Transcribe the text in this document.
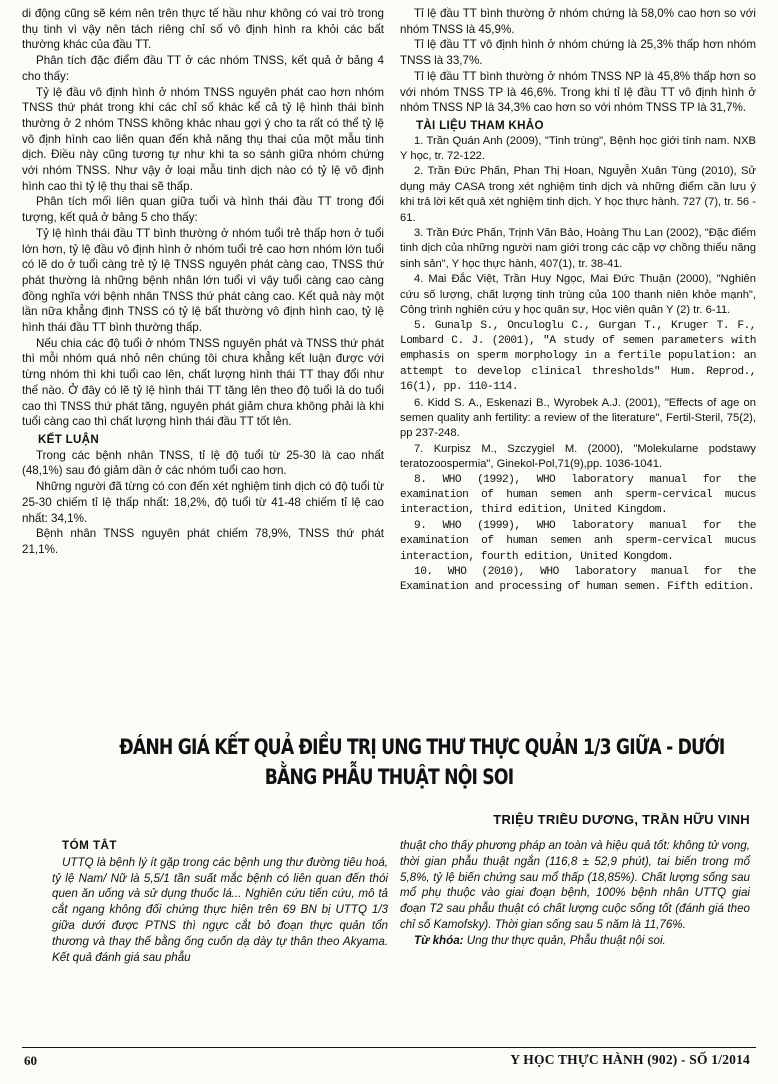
di động cũng sẽ kém nên trên thực tế hầu như không có vai trò trong thụ tinh vì vậy nên tách riêng chỉ số vô định hình ra khỏi các bất thường khác của đầu TT.

Phân tích đặc điểm đầu TT ở các nhóm TNSS, kết quả ở bảng 4 cho thấy:

Tỷ lệ đầu vô định hình ở nhóm TNSS nguyên phát cao hơn nhóm TNSS thứ phát trong khi các chỉ số khác kể cả tỷ lệ hình thái bình thường ở 2 nhóm TNSS không khác nhau gợi ý cho ta rất có thể tỷ lệ vô định hình cao liên quan đến khả năng thụ thai của một mẫu tinh dịch. Điều này cũng tương tự như khi ta so sánh giữa nhóm chứng với nhóm TNSS. Như vậy ở loại mẫu tinh dịch nào có tỷ lệ vô định hình cao thì tỷ lệ thụ thai sẽ thấp.

Phân tích mối liên quan giữa tuổi và hình thái đầu TT trong đối tượng, kết quả ở bảng 5 cho thấy:

Tỷ lệ hình thái đầu TT bình thường ở nhóm tuổi trẻ thấp hơn ở tuổi lớn hơn, tỷ lệ đầu vô định hình ở nhóm tuổi trẻ cao hơn nhóm lớn tuổi có lẽ do ở tuổi càng trẻ tỷ lệ TNSS nguyên phát càng cao, TNSS thứ phát thường là những bệnh nhân lớn tuổi vì vậy tuổi càng cao càng đồng nghĩa với bệnh nhân TNSS thứ phát càng cao. Kết quả này một lần nữa khẳng định TNSS có tỷ lệ bất thường vô định hình cao, tỷ lệ hình thái đầu TT bình thường thấp.

Nếu chia các độ tuổi ở nhóm TNSS nguyên phát và TNSS thứ phát thì mỗi nhóm quá nhỏ nên chúng tôi chưa khẳng kết luận được với từng nhóm thì khi tuổi cao lên, chất lượng hình thái TT thay đổi như thế nào. Ở đây có lẽ tỷ lệ hình thái TT tăng lên theo độ tuổi là do tuổi cao thì TNSS thứ phát tăng, nguyên phát giảm chưa không phải là khi tuổi càng cao thì chất lượng hình thái đầu TT tốt lên.

KẾT LUẬN

Trong các bệnh nhân TNSS, tỉ lệ độ tuổi từ 25-30 là cao nhất (48,1%) sau đó giảm dần ở các nhóm tuổi cao hơn.

Những người đã từng có con đến xét nghiệm tinh dịch có độ tuổi từ 25-30 chiếm tỉ lệ thấp nhất: 18,2%, độ tuổi từ 41-48 chiếm tỉ lệ cao nhất: 34,1%.

Bệnh nhân TNSS nguyên phát chiếm 78,9%, TNSS thứ phát 21,1%.

Tỉ lệ đầu TT bình thường ở nhóm chứng là 58,0% cao hơn so với nhóm TNSS là 45,9%.

Tỉ lệ đầu TT vô định hình ở nhóm chứng là 25,3% thấp hơn nhóm TNSS là 33,7%.

Tỉ lệ đầu TT bình thường ở nhóm TNSS NP là 45,8% thấp hơn so với nhóm TNSS TP là 46,6%. Trong khi tỉ lệ đầu TT vô định hình ở nhóm TNSS NP là 34,3% cao hơn so với nhóm TNSS TP là 31,7%.

TÀI LIỆU THAM KHẢO

1. Trần Quán Anh (2009), "Tinh trùng", Bệnh học giới tính nam. NXB Y học, tr. 72-122.

2. Trần Đức Phấn, Phan Thị Hoan, Nguyễn Xuân Tùng (2010), Sử dụng máy CASA trong xét nghiệm tinh dịch và những điểm cần lưu ý khi trả lời kết quả xét nghiệm tinh dịch. Y học thực hành. 727 (7), tr. 56 - 61.

3. Trần Đức Phấn, Trịnh Văn Bảo, Hoàng Thu Lan (2002), "Đặc điểm tinh dịch của những người nam giới trong các cặp vợ chồng thiểu năng sinh sản", Y học thực hành, 407(1), tr. 38-41.

4. Mai Đắc Việt, Trần Huy Ngọc, Mai Đức Thuận (2000), "Nghiên cứu số lượng, chất lượng tinh trùng của 100 thanh niên khỏe mạnh", Công trình nghiên cứu y học quân sự, Học viên quân Y (2) tr. 6-11.

5. Gunalp S., Onculoglu C., Gurgan T., Kruger T. F., Lombard C. J. (2001), "A study of semen parameters with emphasis on sperm morphology in a fertile population: an attempt to develop clinical thresholds" Hum. Reprod., 16(1), pp. 110-114.

6. Kidd S. A., Eskenazi B., Wyrobek A.J. (2001), "Effects of age on semen quality anh fertility: a review of the literature", Fertil-Steril, 75(2), pp 237-248.

7. Kurpisz M., Szczygiel M. (2000), "Molekularne podstawy teratozoospermia", Ginekol-Pol,71(9),pp. 1036-1041.

8. WHO (1992), WHO laboratory manual for the examination of human semen anh sperm-cervical mucus interaction, third edition, United Kingdom.

9. WHO (1999), WHO laboratory manual for the examination of human semen anh sperm-cervical mucus interaction, fourth edition, United Kongdom.

10. WHO (2010), WHO laboratory manual for the Examination and processing of human semen. Fifth edition.

ĐÁNH GIÁ KẾT QUẢ ĐIỀU TRỊ UNG THƯ THỰC QUẢN 1/3 GIỮA - DƯỚI
BẰNG PHẪU THUẬT NỘI SOI
TRIỆU TRIỀU DƯƠNG, TRẦN HỮU VINH
TÓM TẮT

UTTQ là bệnh lý ít gặp trong các bệnh ung thư đường tiêu hoá, tỷ lệ Nam/ Nữ là 5,5/1 tần suất mắc bệnh có liên quan đến thói quen ăn uống và sử dụng thuốc lá... Nghiên cứu tiến cứu, mô tả cắt ngang không đối chứng thực hiện trên 69 BN bị UTTQ 1/3 giữa dưới được PTNS thì ngực cắt bỏ đoạn thực quản tổn thương và thay thế bằng ống cuốn dạ dày tự thân theo Akyama. Kết quả đánh giá sau phẫu

thuật cho thấy phương pháp an toàn và hiệu quả tốt: không tử vong, thời gian phẫu thuật ngắn (116,8 ± 52,9 phút), tai biến trong mổ 5,8%, tỷ lệ biến chứng sau mổ thấp (18,85%). Chất lượng sống sau mổ phụ thuộc vào giai đoạn bệnh, 100% bệnh nhân UTTQ giai đoạn T2 sau phẫu thuật có chất lượng cuộc sống tốt (đánh giá theo chỉ số Kamofsky). Thời gian sống sau 5 năm là 11,76%.

Từ khóa: Ung thư thực quản, Phẫu thuật nội soi.

60	Y HỌC THỰC HÀNH (902) - SỐ 1/2014
